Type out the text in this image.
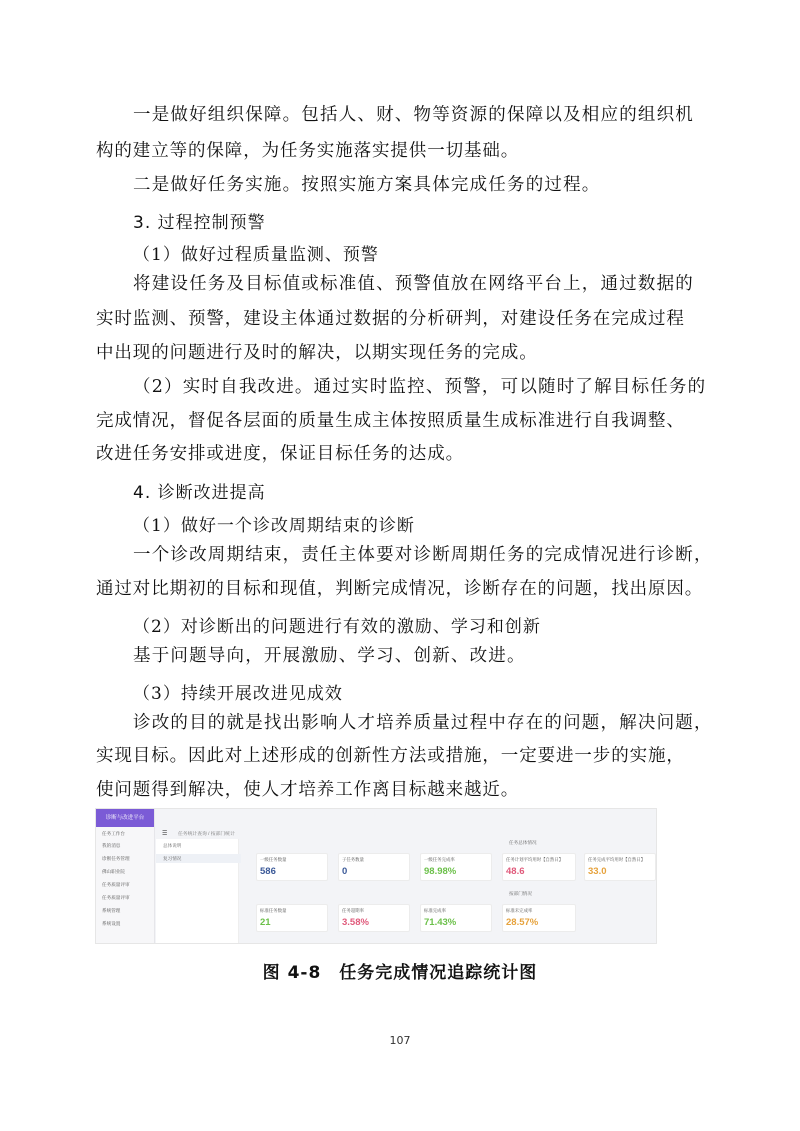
一是做好组织保障。包括人、财、物等资源的保障以及相应的组织机
构的建立等的保障，为任务实施落实提供一切基础。
二是做好任务实施。按照实施方案具体完成任务的过程。
3. 过程控制预警
（1）做好过程质量监测、预警
将建设任务及目标值或标准值、预警值放在网络平台上，通过数据的
实时监测、预警，建设主体通过数据的分析研判，对建设任务在完成过程
中出现的问题进行及时的解决，以期实现任务的完成。
（2）实时自我改进。通过实时监控、预警，可以随时了解目标任务的
完成情况，督促各层面的质量生成主体按照质量生成标准进行自我调整、
改进任务安排或进度，保证目标任务的达成。
4. 诊断改进提高
（1）做好一个诊改周期结束的诊断
一个诊改周期结束，责任主体要对诊断周期任务的完成情况进行诊断，
通过对比期初的目标和现值，判断完成情况，诊断存在的问题，找出原因。
（2）对诊断出的问题进行有效的激励、学习和创新
基于问题导向，开展激励、学习、创新、改进。
（3）持续开展改进见成效
诊改的目的就是找出影响人才培养质量过程中存在的问题，解决问题，
实现目标。因此对上述形成的创新性方法或措施，一定要进一步的实施，
使问题得到解决，使人才培养工作离目标越来越近。
诊断与改进平台
任务工作台
我的消息
诊断任务管理
佛山职业院
任务质量评审
任务质量评审
系统管理
系统设置
☰ 任务统计查询 / 按部门统计
总体说明
复习情况
任务总体情况
按部门情况
一级任务数量
586
子任务数量
0
一级任务完成率
98.98%
任务计划平均用时【自然日】
48.6
任务完成平均用时【自然日】
33.0
标准任务数量
21
任务超期率
3.58%
标准完成率
71.43%
标准未完成率
28.57%
图 4-8　任务完成情况追踪统计图
107
